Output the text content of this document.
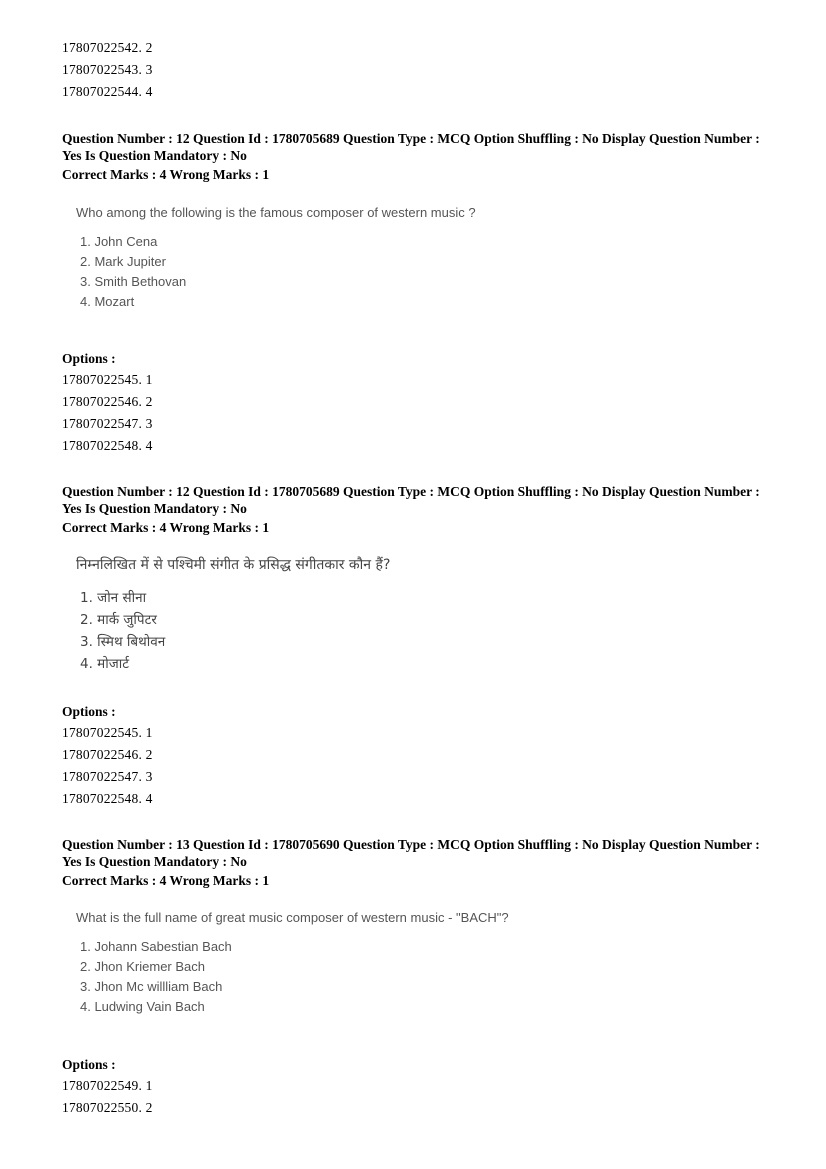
17807022542. 2
17807022543. 3
17807022544. 4
Question Number : 12 Question Id : 1780705689 Question Type : MCQ Option Shuffling : No Display Question Number : Yes Is Question Mandatory : No
Correct Marks : 4 Wrong Marks : 1
Who among the following is the famous composer of western music ?
1. John Cena
2. Mark Jupiter
3. Smith Bethovan
4. Mozart
Options :
17807022545. 1
17807022546. 2
17807022547. 3
17807022548. 4
Question Number : 12 Question Id : 1780705689 Question Type : MCQ Option Shuffling : No Display Question Number : Yes Is Question Mandatory : No
Correct Marks : 4 Wrong Marks : 1
निम्नलिखित में से पश्चिमी संगीत के प्रसिद्ध संगीतकार कौन हैं?
1. जोन सीना
2. मार्क जुपिटर
3. स्मिथ बिथोवन
4. मोजार्ट
Options :
17807022545. 1
17807022546. 2
17807022547. 3
17807022548. 4
Question Number : 13 Question Id : 1780705690 Question Type : MCQ Option Shuffling : No Display Question Number : Yes Is Question Mandatory : No
Correct Marks : 4 Wrong Marks : 1
What is the full name of great music composer of western music - "BACH"?
1. Johann Sabestian Bach
2. Jhon Kriemer Bach
3. Jhon Mc willliam Bach
4. Ludwing Vain Bach
Options :
17807022549. 1
17807022550. 2
